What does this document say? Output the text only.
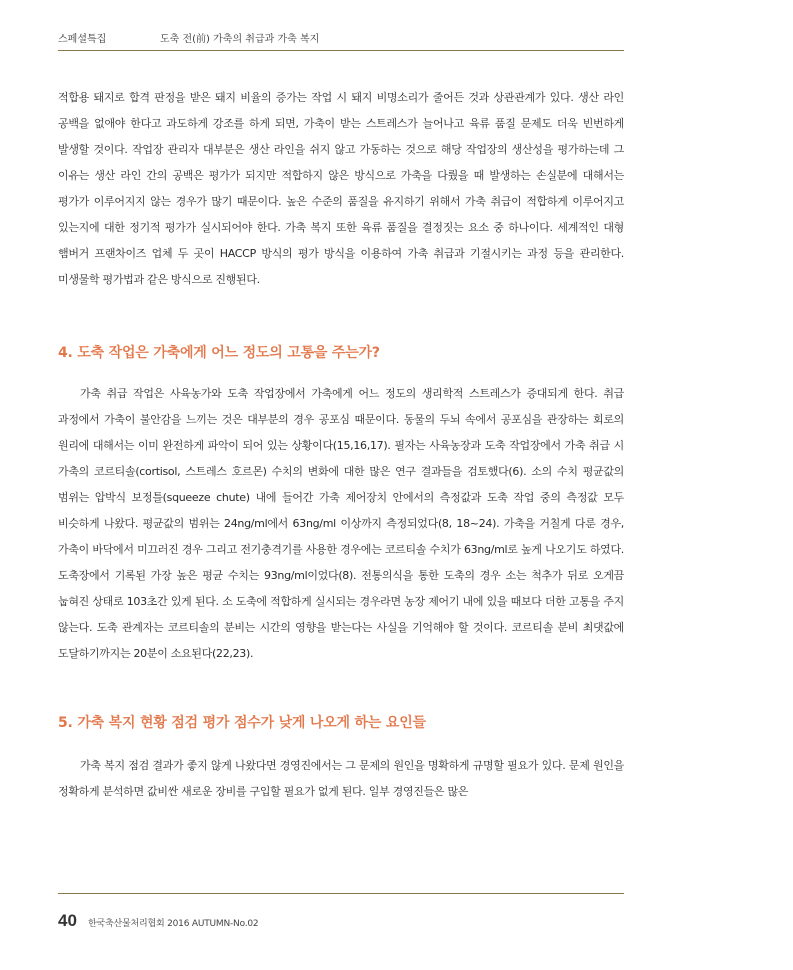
스페셜특집	도축 전(前) 가축의 취급과 가축 복지

적합용 돼지로 합격 판정을 받은 돼지 비율의 증가는 작업 시 돼지 비명소리가 줄어든 것과 상관관계가 있다. 생산 라인 공백을 없애야 한다고 과도하게 강조를 하게 되면, 가축이 받는 스트레스가 늘어나고 육류 품질 문제도 더욱 빈번하게 발생할 것이다. 작업장 관리자 대부분은 생산 라인을 쉬지 않고 가동하는 것으로 해당 작업장의 생산성을 평가하는데 그 이유는 생산 라인 간의 공백은 평가가 되지만 적합하지 않은 방식으로 가축을 다뤘을 때 발생하는 손실분에 대해서는 평가가 이루어지지 않는 경우가 많기 때문이다. 높은 수준의 품질을 유지하기 위해서 가축 취급이 적합하게 이루어지고 있는지에 대한 정기적 평가가 실시되어야 한다. 가축 복지 또한 육류 품질을 결정짓는 요소 중 하나이다. 세계적인 대형 햄버거 프랜차이즈 업체 두 곳이 HACCP 방식의 평가 방식을 이용하여 가축 취급과 기절시키는 과정 등을 관리한다. 미생물학 평가법과 같은 방식으로 진행된다.

4. 도축 작업은 가축에게 어느 정도의 고통을 주는가?

가축 취급 작업은 사육농가와 도축 작업장에서 가축에게 어느 정도의 생리학적 스트레스가 증대되게 한다. 취급 과정에서 가축이 불안감을 느끼는 것은 대부분의 경우 공포심 때문이다. 동물의 두뇌 속에서 공포심을 관장하는 회로의 원리에 대해서는 이미 완전하게 파악이 되어 있는 상황이다(15,16,17). 필자는 사육농장과 도축 작업장에서 가축 취급 시 가축의 코르티솔(cortisol, 스트레스 호르몬) 수치의 변화에 대한 많은 연구 결과들을 검토했다(6). 소의 수치 평균값의 범위는 압박식 보정틀(squeeze chute) 내에 들어간 가축 제어장치 안에서의 측정값과 도축 작업 중의 측정값 모두 비슷하게 나왔다. 평균값의 범위는 24ng/ml에서 63ng/ml 이상까지 측정되었다(8, 18~24). 가축을 거칠게 다룬 경우, 가축이 바닥에서 미끄러진 경우 그리고 전기충격기를 사용한 경우에는 코르티솔 수치가 63ng/ml로 높게 나오기도 하였다. 도축장에서 기록된 가장 높은 평균 수치는 93ng/ml이었다(8). 전통의식을 통한 도축의 경우 소는 척추가 뒤로 오게끔 눕혀진 상태로 103초간 있게 된다. 소 도축에 적합하게 실시되는 경우라면 농장 제어기 내에 있을 때보다 더한 고통을 주지 않는다. 도축 관계자는 코르티솔의 분비는 시간의 영향을 받는다는 사실을 기억해야 할 것이다. 코르티솔 분비 최댓값에 도달하기까지는 20분이 소요된다(22,23).

5. 가축 복지 현황 점검 평가 점수가 낮게 나오게 하는 요인들

가축 복지 점검 결과가 좋지 않게 나왔다면 경영진에서는 그 문제의 원인을 명확하게 규명할 필요가 있다. 문제 원인을 정확하게 분석하면 값비싼 새로운 장비를 구입할 필요가 없게 된다. 일부 경영진들은 많은

40 한국축산물처리협회 2016 AUTUMN-No.02
